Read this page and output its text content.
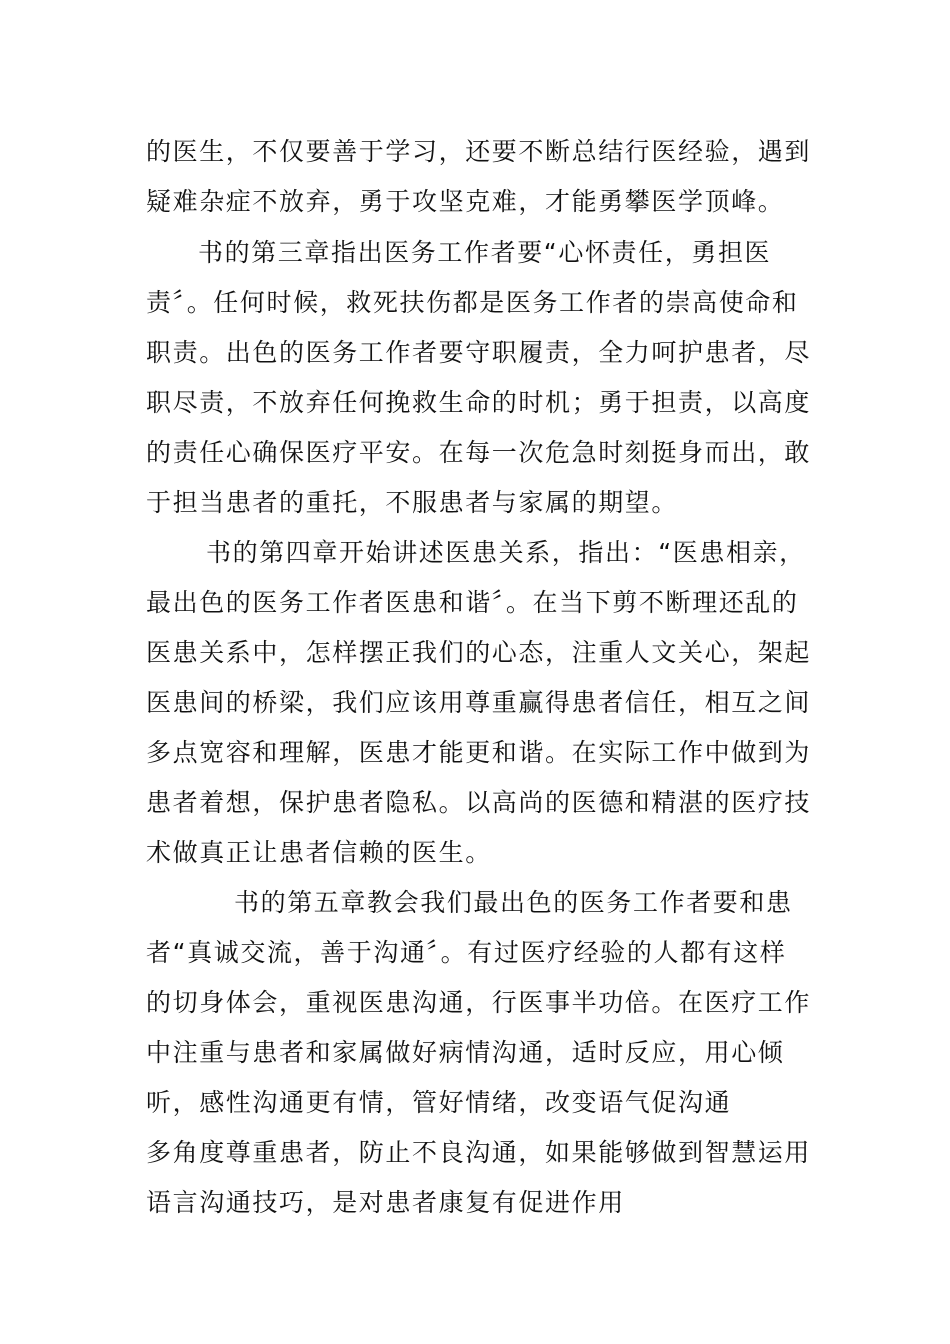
的医生，不仅要善于学习，还要不断总结行医经验，遇到
疑难杂症不放弃，勇于攻坚克难，才能勇攀医学顶峰。
书的第三章指出医务工作者要“心怀责任，勇担医
责〞。任何时候，救死扶伤都是医务工作者的崇高使命和
职责。出色的医务工作者要守职履责，全力呵护患者，尽
职尽责，不放弃任何挽救生命的时机；勇于担责，以高度
的责任心确保医疗平安。在每一次危急时刻挺身而出，敢
于担当患者的重托，不服患者与家属的期望。
书的第四章开始讲述医患关系，指出：“医患相亲，
最出色的医务工作者医患和谐〞。在当下剪不断理还乱的
医患关系中，怎样摆正我们的心态，注重人文关心，架起
医患间的桥梁，我们应该用尊重赢得患者信任，相互之间
多点宽容和理解，医患才能更和谐。在实际工作中做到为
患者着想，保护患者隐私。以高尚的医德和精湛的医疗技
术做真正让患者信赖的医生。
书的第五章教会我们最出色的医务工作者要和患
者“真诚交流，善于沟通〞。有过医疗经验的人都有这样
的切身体会，重视医患沟通，行医事半功倍。在医疗工作
中注重与患者和家属做好病情沟通，适时反应，用心倾
听，感性沟通更有情，管好情绪，改变语气促沟通
多角度尊重患者，防止不良沟通，如果能够做到智慧运用
语言沟通技巧，是对患者康复有促进作用
